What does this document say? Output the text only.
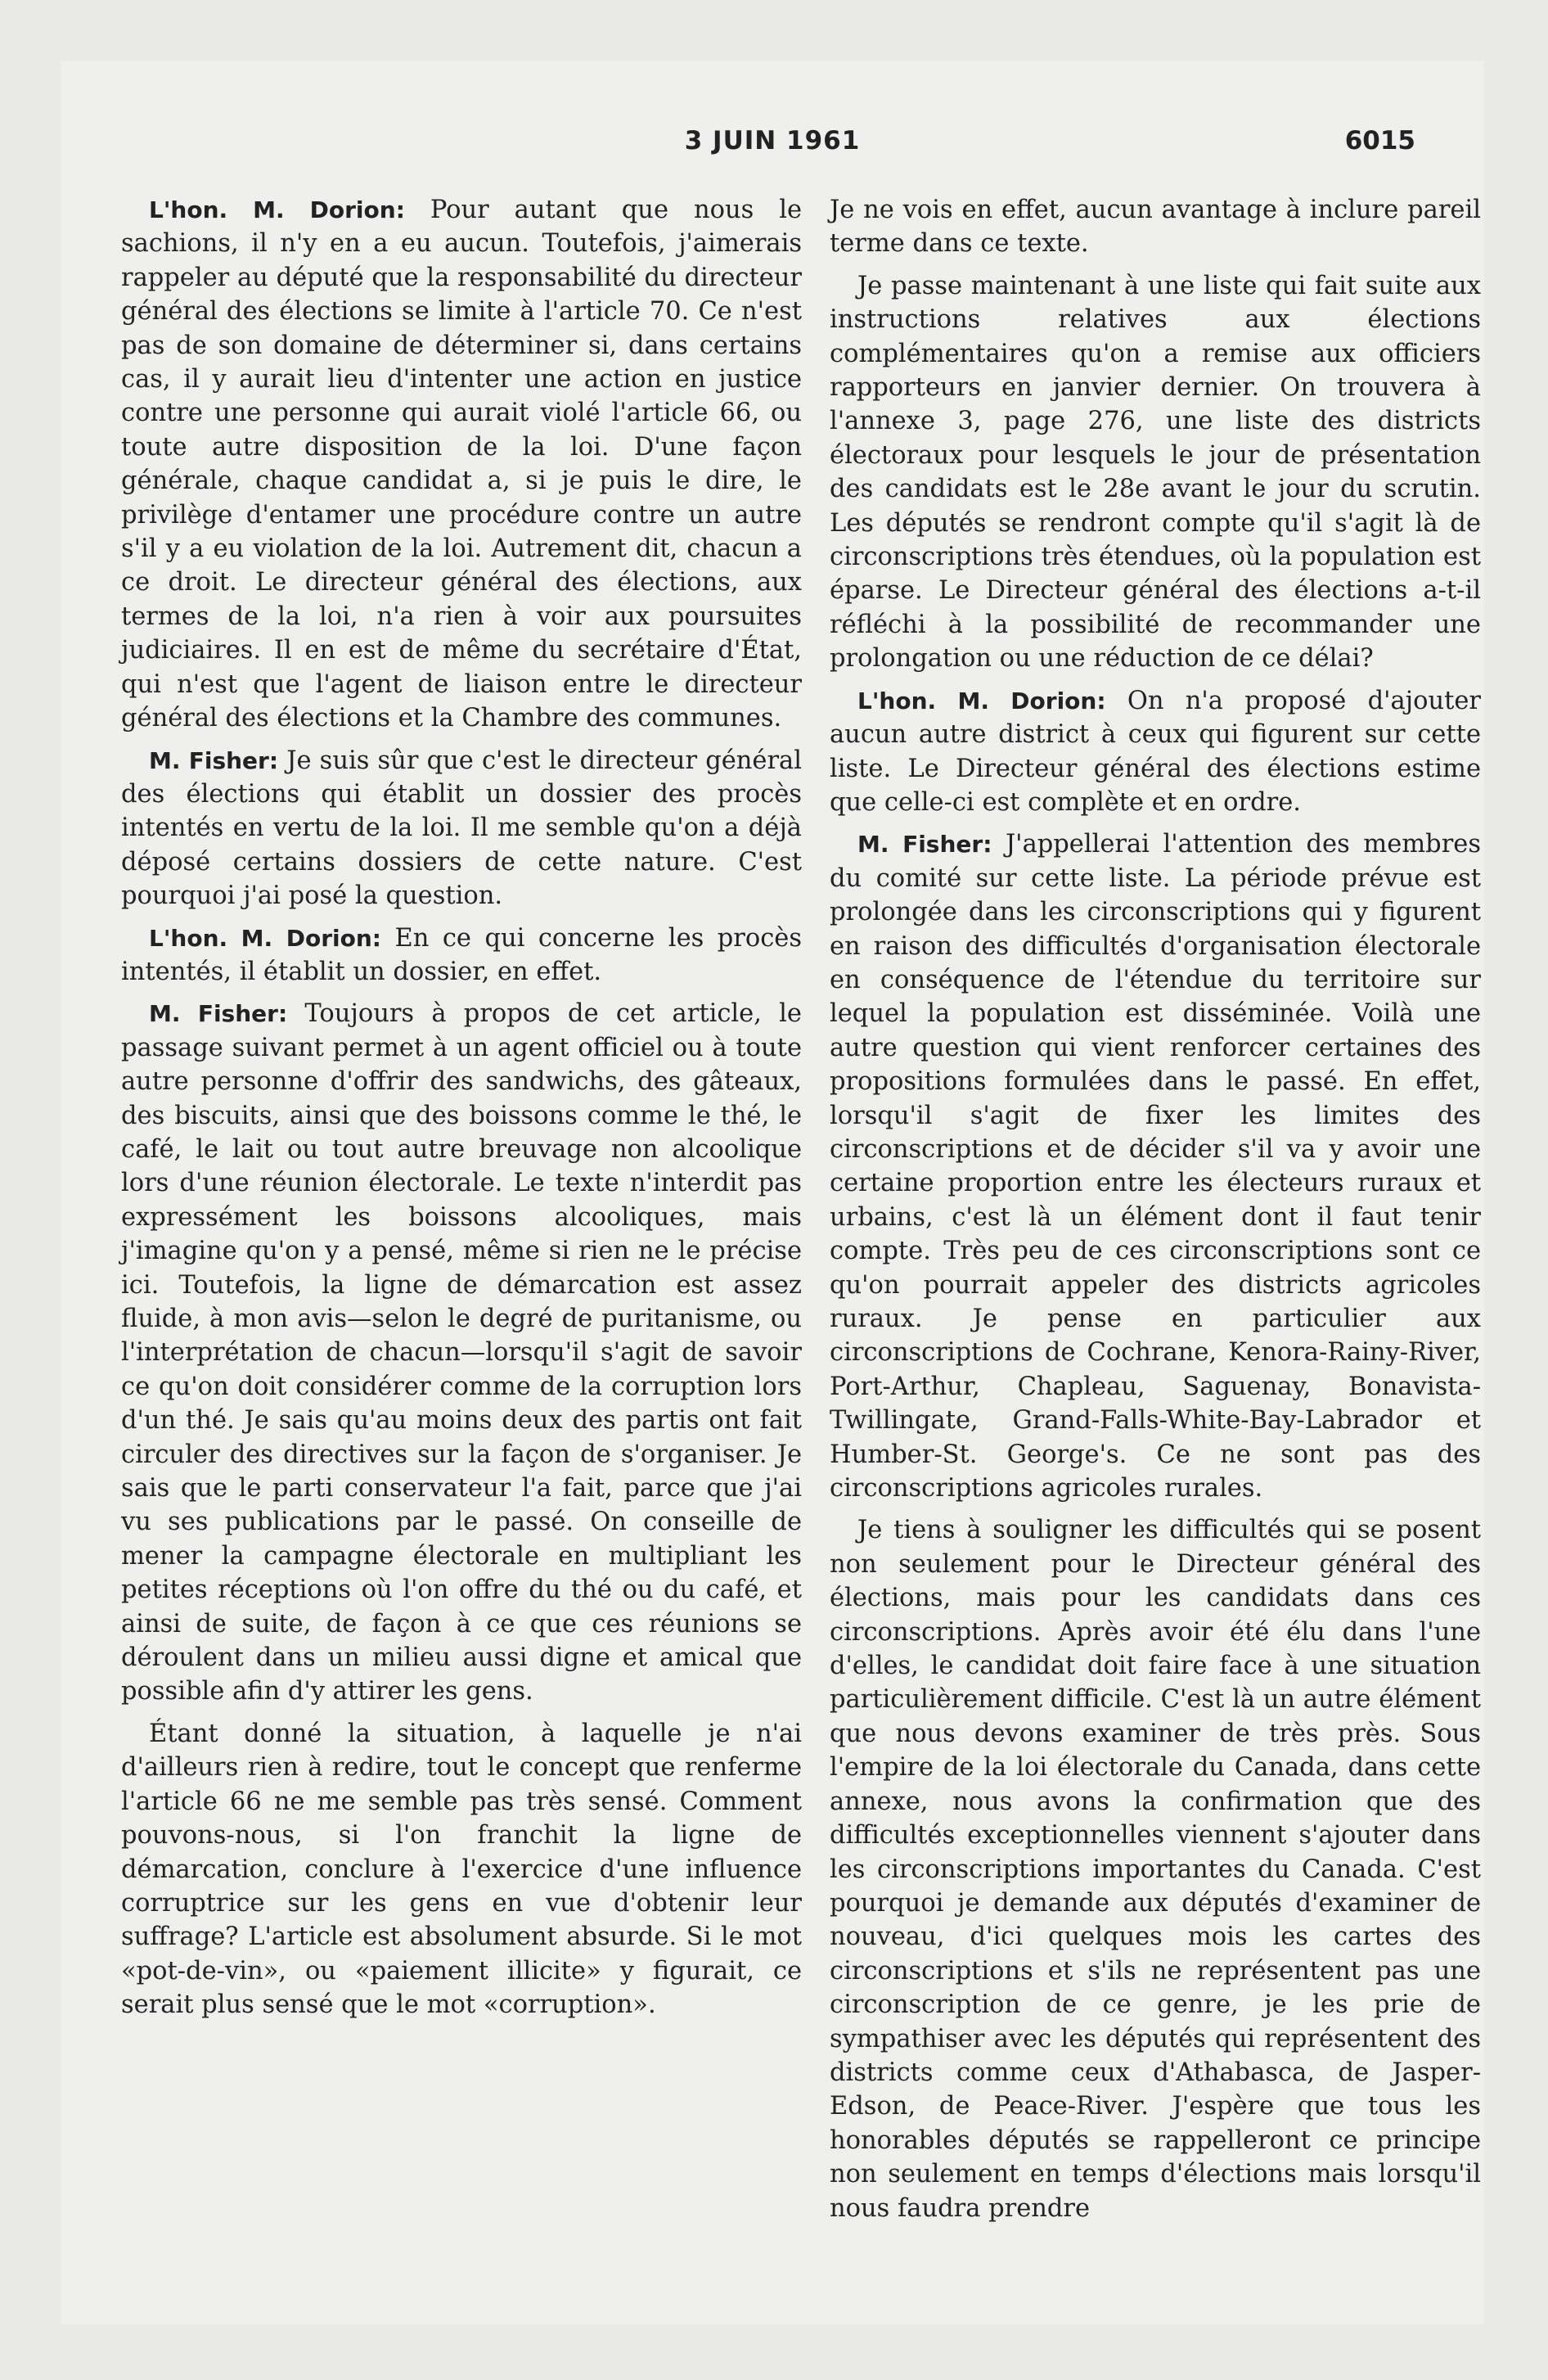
3 JUIN 1961	6015

L'hon. M. Dorion: Pour autant que nous le sachions, il n'y en a eu aucun. Toutefois, j'aimerais rappeler au député que la responsabilité du directeur général des élections se limite à l'article 70. Ce n'est pas de son domaine de déterminer si, dans certains cas, il y aurait lieu d'intenter une action en justice contre une personne qui aurait violé l'article 66, ou toute autre disposition de la loi. D'une façon générale, chaque candidat a, si je puis le dire, le privilège d'entamer une procédure contre un autre s'il y a eu violation de la loi. Autrement dit, chacun a ce droit. Le directeur général des élections, aux termes de la loi, n'a rien à voir aux poursuites judiciaires. Il en est de même du secrétaire d'État, qui n'est que l'agent de liaison entre le directeur général des élections et la Chambre des communes.

M. Fisher: Je suis sûr que c'est le directeur général des élections qui établit un dossier des procès intentés en vertu de la loi. Il me semble qu'on a déjà déposé certains dossiers de cette nature. C'est pourquoi j'ai posé la question.

L'hon. M. Dorion: En ce qui concerne les procès intentés, il établit un dossier, en effet.

M. Fisher: Toujours à propos de cet article, le passage suivant permet à un agent officiel ou à toute autre personne d'offrir des sandwichs, des gâteaux, des biscuits, ainsi que des boissons comme le thé, le café, le lait ou tout autre breuvage non alcoolique lors d'une réunion électorale. Le texte n'interdit pas expressément les boissons alcooliques, mais j'imagine qu'on y a pensé, même si rien ne le précise ici. Toutefois, la ligne de démarcation est assez fluide, à mon avis—selon le degré de puritanisme, ou l'interprétation de chacun—lorsqu'il s'agit de savoir ce qu'on doit considérer comme de la corruption lors d'un thé. Je sais qu'au moins deux des partis ont fait circuler des directives sur la façon de s'organiser. Je sais que le parti conservateur l'a fait, parce que j'ai vu ses publications par le passé. On conseille de mener la campagne électorale en multipliant les petites réceptions où l'on offre du thé ou du café, et ainsi de suite, de façon à ce que ces réunions se déroulent dans un milieu aussi digne et amical que possible afin d'y attirer les gens.

Étant donné la situation, à laquelle je n'ai d'ailleurs rien à redire, tout le concept que renferme l'article 66 ne me semble pas très sensé. Comment pouvons-nous, si l'on franchit la ligne de démarcation, conclure à l'exercice d'une influence corruptrice sur les gens en vue d'obtenir leur suffrage? L'article est absolument absurde. Si le mot «pot-de-vin», ou «paiement illicite» y figurait, ce serait plus sensé que le mot «corruption».

Je ne vois en effet, aucun avantage à inclure pareil terme dans ce texte.

Je passe maintenant à une liste qui fait suite aux instructions relatives aux élections complémentaires qu'on a remise aux officiers rapporteurs en janvier dernier. On trouvera à l'annexe 3, page 276, une liste des districts électoraux pour lesquels le jour de présentation des candidats est le 28e avant le jour du scrutin. Les députés se rendront compte qu'il s'agit là de circonscriptions très étendues, où la population est éparse. Le Directeur général des élections a-t-il réfléchi à la possibilité de recommander une prolongation ou une réduction de ce délai?

L'hon. M. Dorion: On n'a proposé d'ajouter aucun autre district à ceux qui figurent sur cette liste. Le Directeur général des élections estime que celle-ci est complète et en ordre.

M. Fisher: J'appellerai l'attention des membres du comité sur cette liste. La période prévue est prolongée dans les circonscriptions qui y figurent en raison des difficultés d'organisation électorale en conséquence de l'étendue du territoire sur lequel la population est disséminée. Voilà une autre question qui vient renforcer certaines des propositions formulées dans le passé. En effet, lorsqu'il s'agit de fixer les limites des circonscriptions et de décider s'il va y avoir une certaine proportion entre les électeurs ruraux et urbains, c'est là un élément dont il faut tenir compte. Très peu de ces circonscriptions sont ce qu'on pourrait appeler des districts agricoles ruraux. Je pense en particulier aux circonscriptions de Cochrane, Kenora-Rainy-River, Port-Arthur, Chapleau, Saguenay, Bonavista-Twillingate, Grand-Falls-White-Bay-Labrador et Humber-St. George's. Ce ne sont pas des circonscriptions agricoles rurales.

Je tiens à souligner les difficultés qui se posent non seulement pour le Directeur général des élections, mais pour les candidats dans ces circonscriptions. Après avoir été élu dans l'une d'elles, le candidat doit faire face à une situation particulièrement difficile. C'est là un autre élément que nous devons examiner de très près. Sous l'empire de la loi électorale du Canada, dans cette annexe, nous avons la confirmation que des difficultés exceptionnelles viennent s'ajouter dans les circonscriptions importantes du Canada. C'est pourquoi je demande aux députés d'examiner de nouveau, d'ici quelques mois les cartes des circonscriptions et s'ils ne représentent pas une circonscription de ce genre, je les prie de sympathiser avec les députés qui représentent des districts comme ceux d'Athabasca, de Jasper-Edson, de Peace-River. J'espère que tous les honorables députés se rappelleront ce principe non seulement en temps d'élections mais lorsqu'il nous faudra prendre
